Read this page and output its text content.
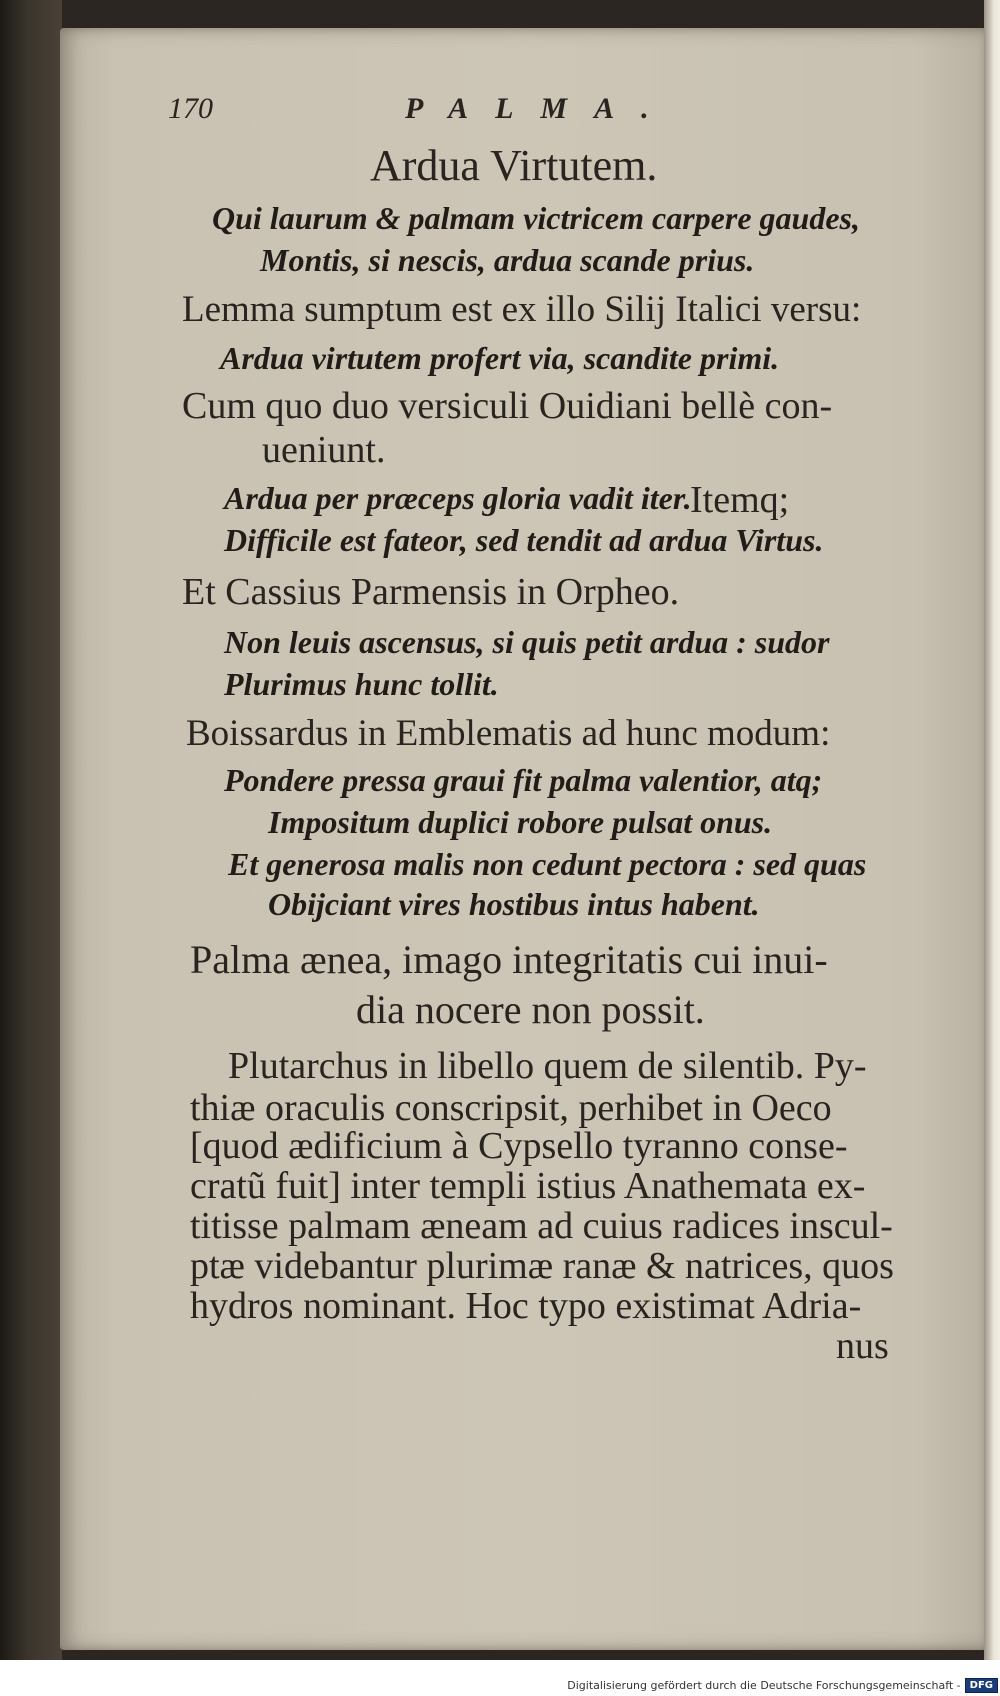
170	PALMA.

Ardua Virtutem.

Qui laurum & palmam victricem carpere gaudes,

Montis, si nescis, ardua scande prius.

Lemma sumptum est ex illo Silij Italici versu:

Ardua virtutem profert via, scandite primi.

Cum quo duo versiculi Ouidiani bellè con-

ueniunt.

Ardua per præceps gloria vadit iter.

Itemq;

Difficile est fateor, sed tendit ad ardua Virtus.

Et Cassius Parmensis in Orpheo.

Non leuis ascensus, si quis petit ardua : sudor

Plurimus hunc tollit.

Boissardus in Emblematis ad hunc modum:

Pondere pressa graui fit palma valentior, atq;

Impositum duplici robore pulsat onus.

Et generosa malis non cedunt pectora : sed quas

Obijciant vires hostibus intus habent.

Palma ænea, imago integritatis cui inui-

dia nocere non possit.

Plutarchus in libello quem de silentib. Py-

thiæ oraculis conscripsit, perhibet in Oeco

[quod ædificium à Cypsello tyranno conse-

cratũ fuit] inter templi istius Anathemata ex-

titisse palmam æneam ad cuius radices inscul-

ptæ videbantur plurimæ ranæ & natrices, quos

hydros nominant. Hoc typo existimat Adria-

nus

Digitalisierung gefördert durch die Deutsche Forschungsgemeinschaft - DFG
